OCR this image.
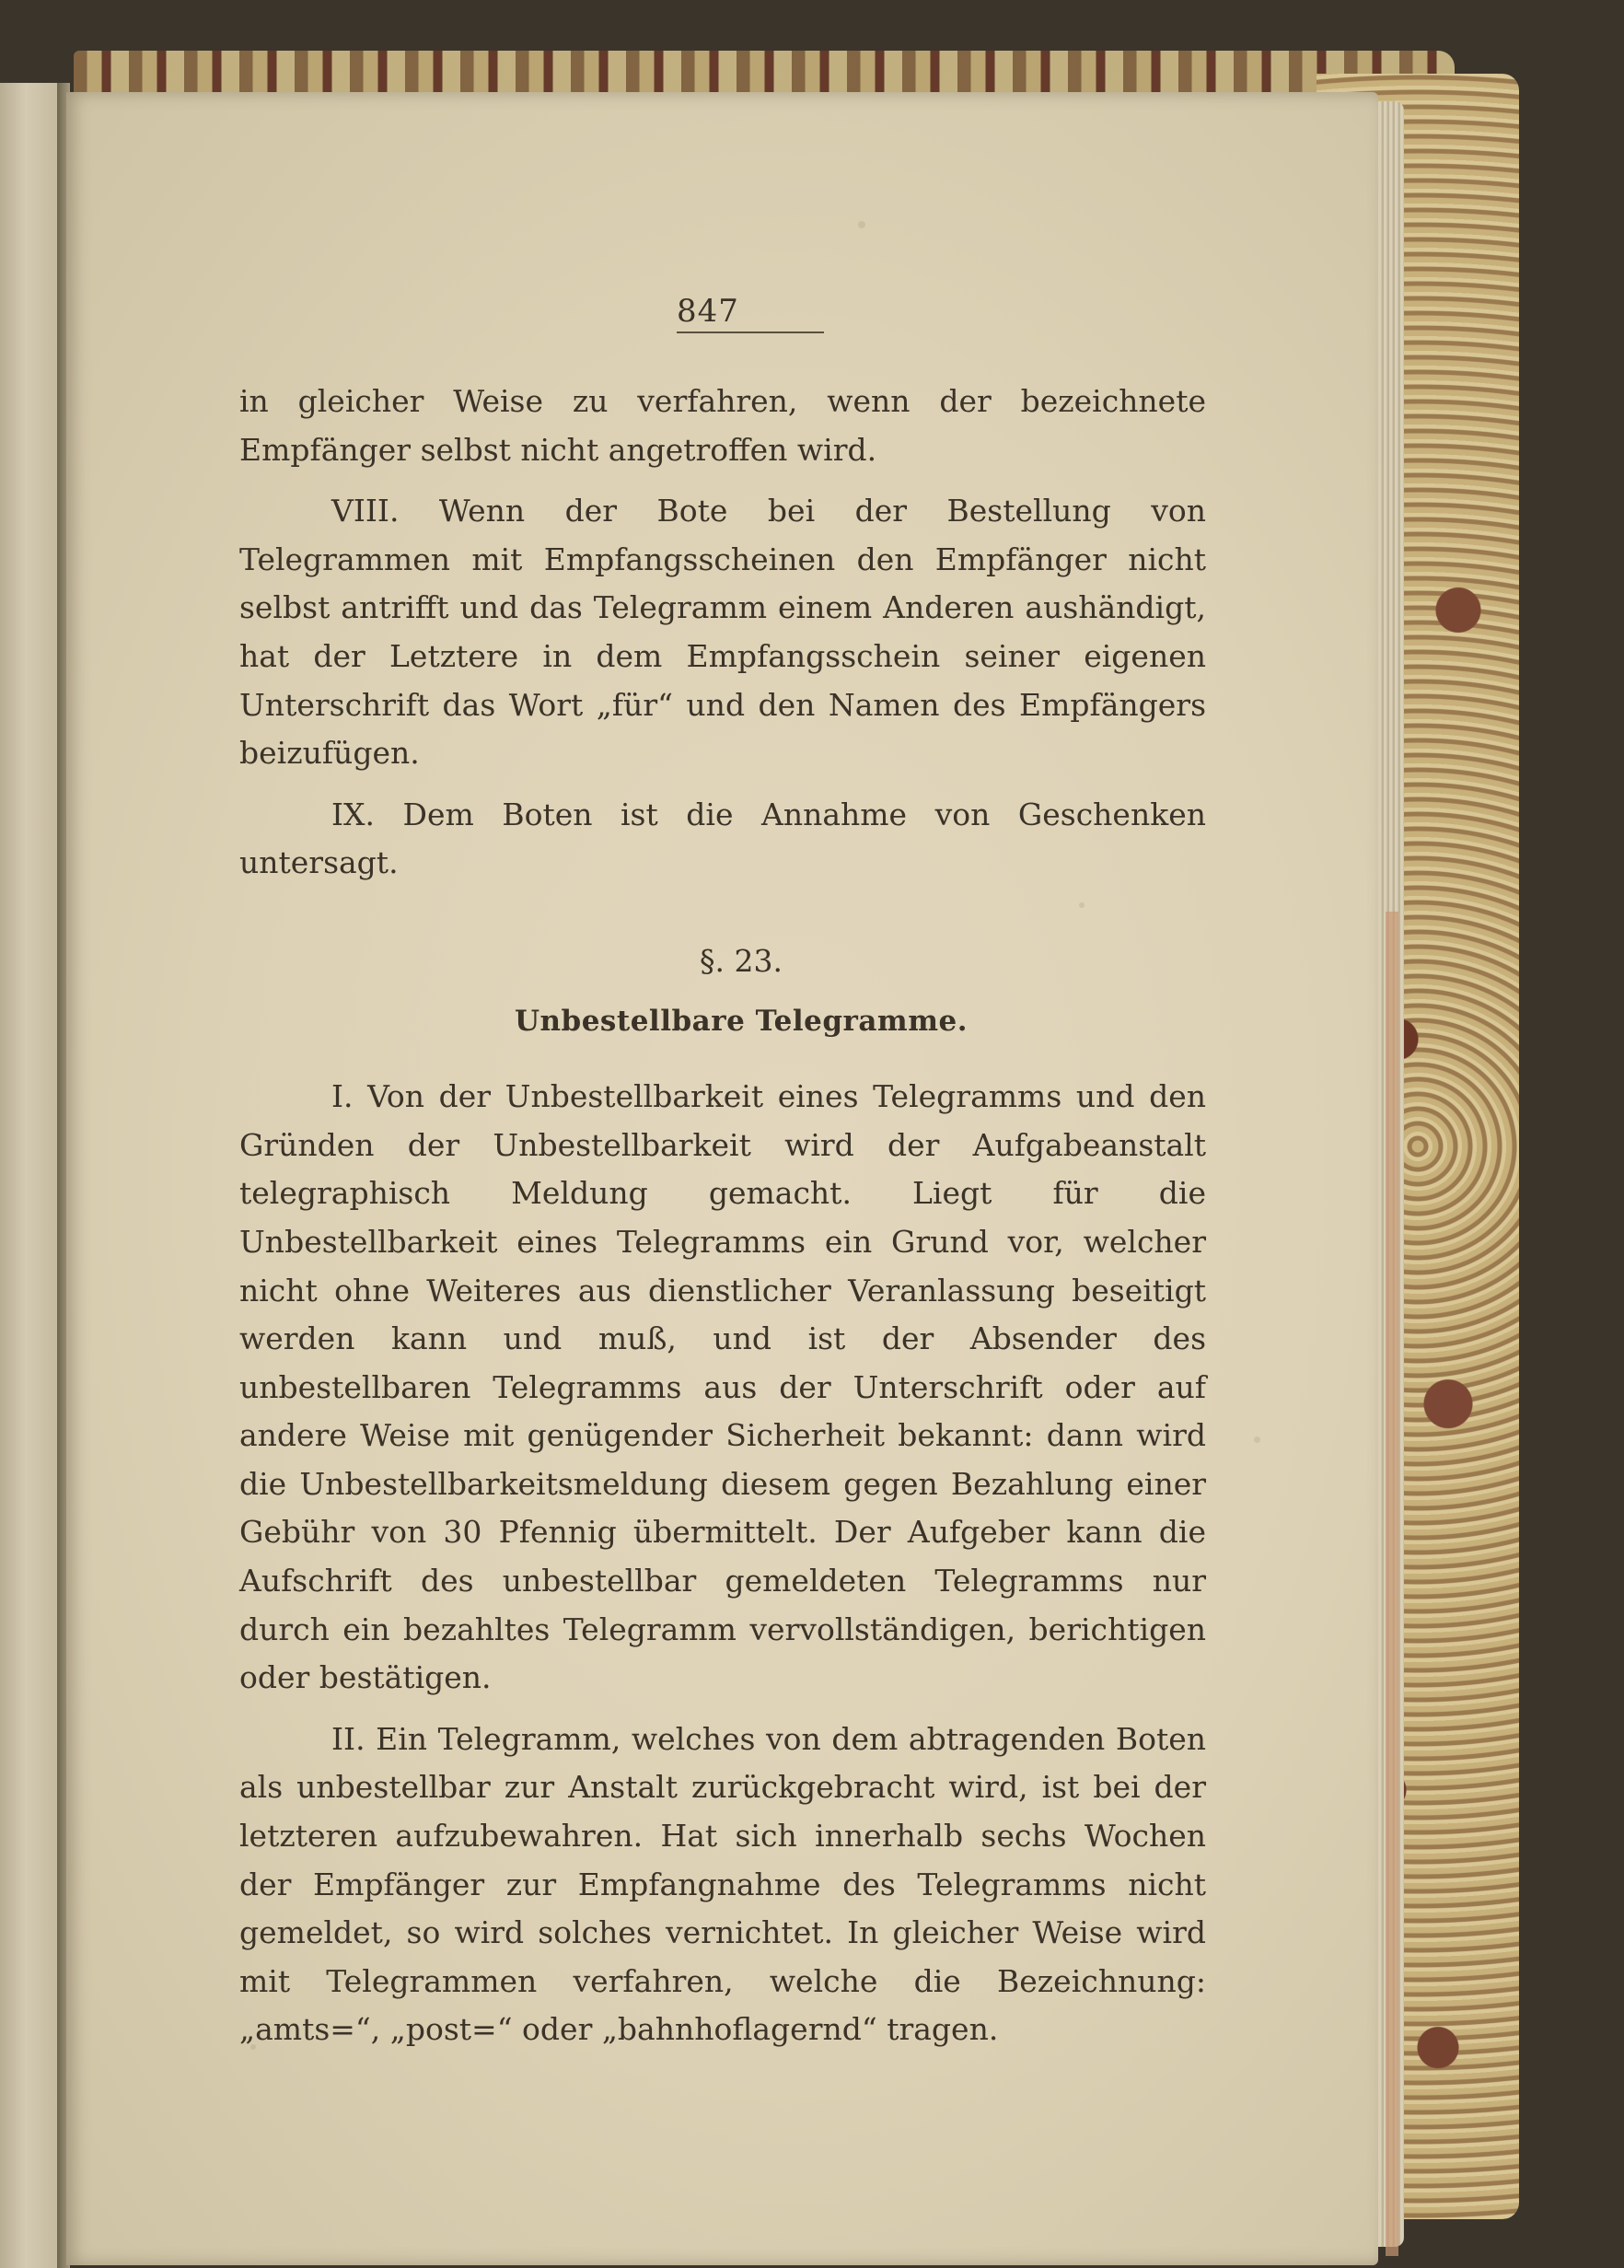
847

in gleicher Weise zu verfahren, wenn der bezeichnete Empfänger selbst nicht angetroffen wird.

VIII. Wenn der Bote bei der Bestellung von Telegrammen mit Empfangsscheinen den Empfänger nicht selbst antrifft und das Telegramm einem Anderen aushändigt, hat der Letztere in dem Empfangsschein seiner eigenen Unterschrift das Wort „für“ und den Namen des Empfängers beizufügen.

IX. Dem Boten ist die Annahme von Geschenken untersagt.

§. 23.
Unbestellbare Telegramme.

I. Von der Unbestellbarkeit eines Telegramms und den Gründen der Unbestellbarkeit wird der Aufgabeanstalt telegraphisch Meldung gemacht. Liegt für die Unbestellbarkeit eines Telegramms ein Grund vor, welcher nicht ohne Weiteres aus dienstlicher Veranlassung beseitigt werden kann und muß, und ist der Absender des unbestellbaren Telegramms aus der Unterschrift oder auf andere Weise mit genügender Sicherheit bekannt: dann wird die Unbestellbarkeitsmeldung diesem gegen Bezahlung einer Gebühr von 30 Pfennig übermittelt. Der Aufgeber kann die Aufschrift des unbestellbar gemeldeten Telegramms nur durch ein bezahltes Telegramm vervollständigen, berichtigen oder bestätigen.

II. Ein Telegramm, welches von dem abtragenden Boten als unbestellbar zur Anstalt zurückgebracht wird, ist bei der letzteren aufzubewahren. Hat sich innerhalb sechs Wochen der Empfänger zur Empfangnahme des Telegramms nicht gemeldet, so wird solches vernichtet. In gleicher Weise wird mit Telegrammen verfahren, welche die Bezeichnung: „amts=“, „post=“ oder „bahnhoflagernd“ tragen.
